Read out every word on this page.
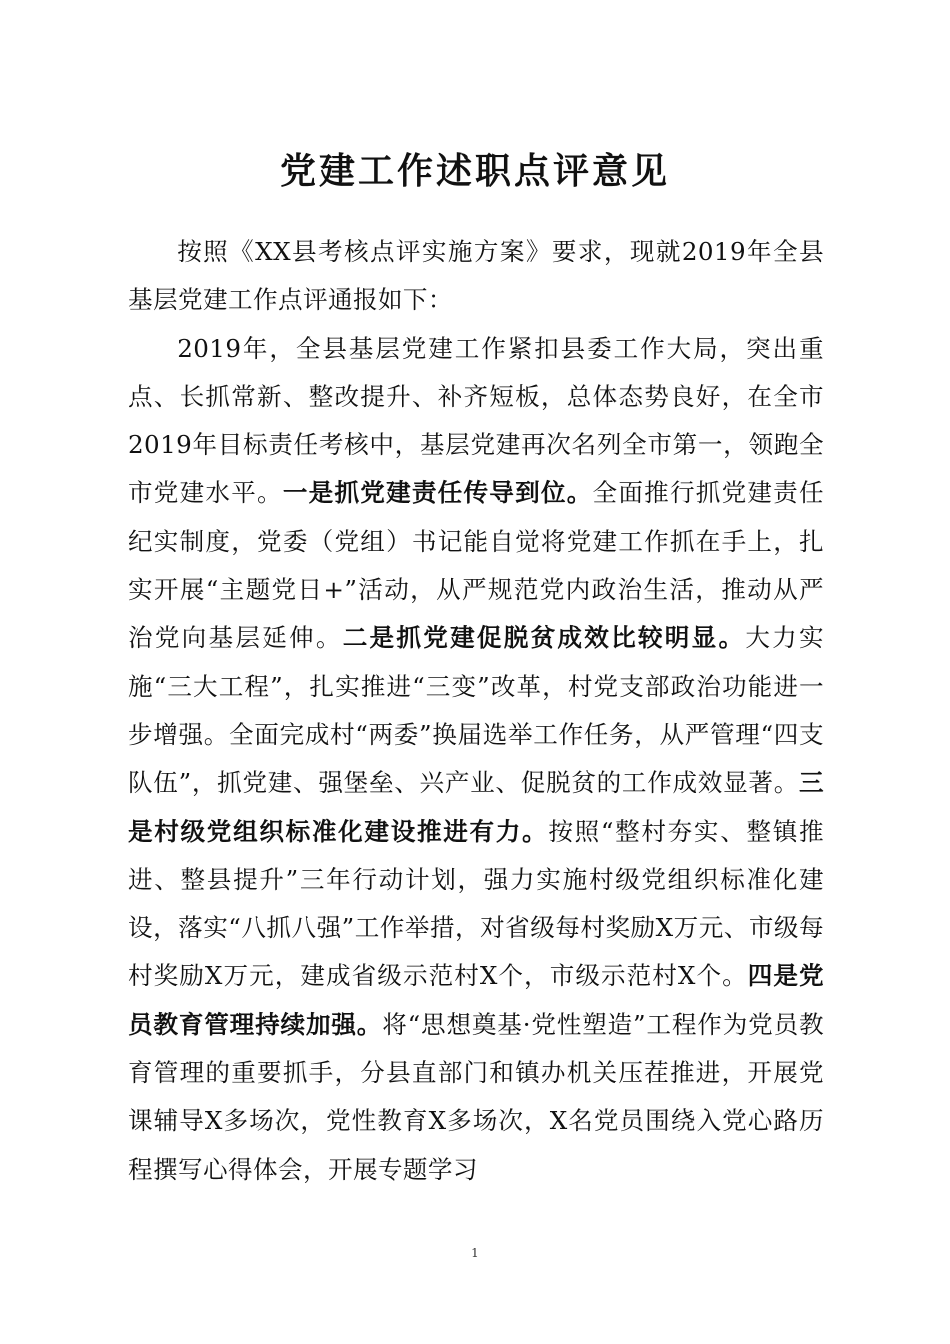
党建工作述职点评意见

按照《XX县考核点评实施方案》要求，现就2019年全县基层党建工作点评通报如下：

2019年，全县基层党建工作紧扣县委工作大局，突出重点、长抓常新、整改提升、补齐短板，总体态势良好，在全市2019年目标责任考核中，基层党建再次名列全市第一，领跑全市党建水平。一是抓党建责任传导到位。全面推行抓党建责任纪实制度，党委（党组）书记能自觉将党建工作抓在手上，扎实开展“主题党日+”活动，从严规范党内政治生活，推动从严治党向基层延伸。二是抓党建促脱贫成效比较明显。大力实施“三大工程”，扎实推进“三变”改革，村党支部政治功能进一步增强。全面完成村“两委”换届选举工作任务，从严管理“四支队伍”，抓党建、强堡垒、兴产业、促脱贫的工作成效显著。三是村级党组织标准化建设推进有力。按照“整村夯实、整镇推进、整县提升”三年行动计划，强力实施村级党组织标准化建设，落实“八抓八强”工作举措，对省级每村奖励X万元、市级每村奖励X万元，建成省级示范村X个，市级示范村X个。四是党员教育管理持续加强。将“思想奠基·党性塑造”工程作为党员教育管理的重要抓手，分县直部门和镇办机关压茬推进，开展党课辅导X多场次，党性教育X多场次，X名党员围绕入党心路历程撰写心得体会，开展专题学习

1
